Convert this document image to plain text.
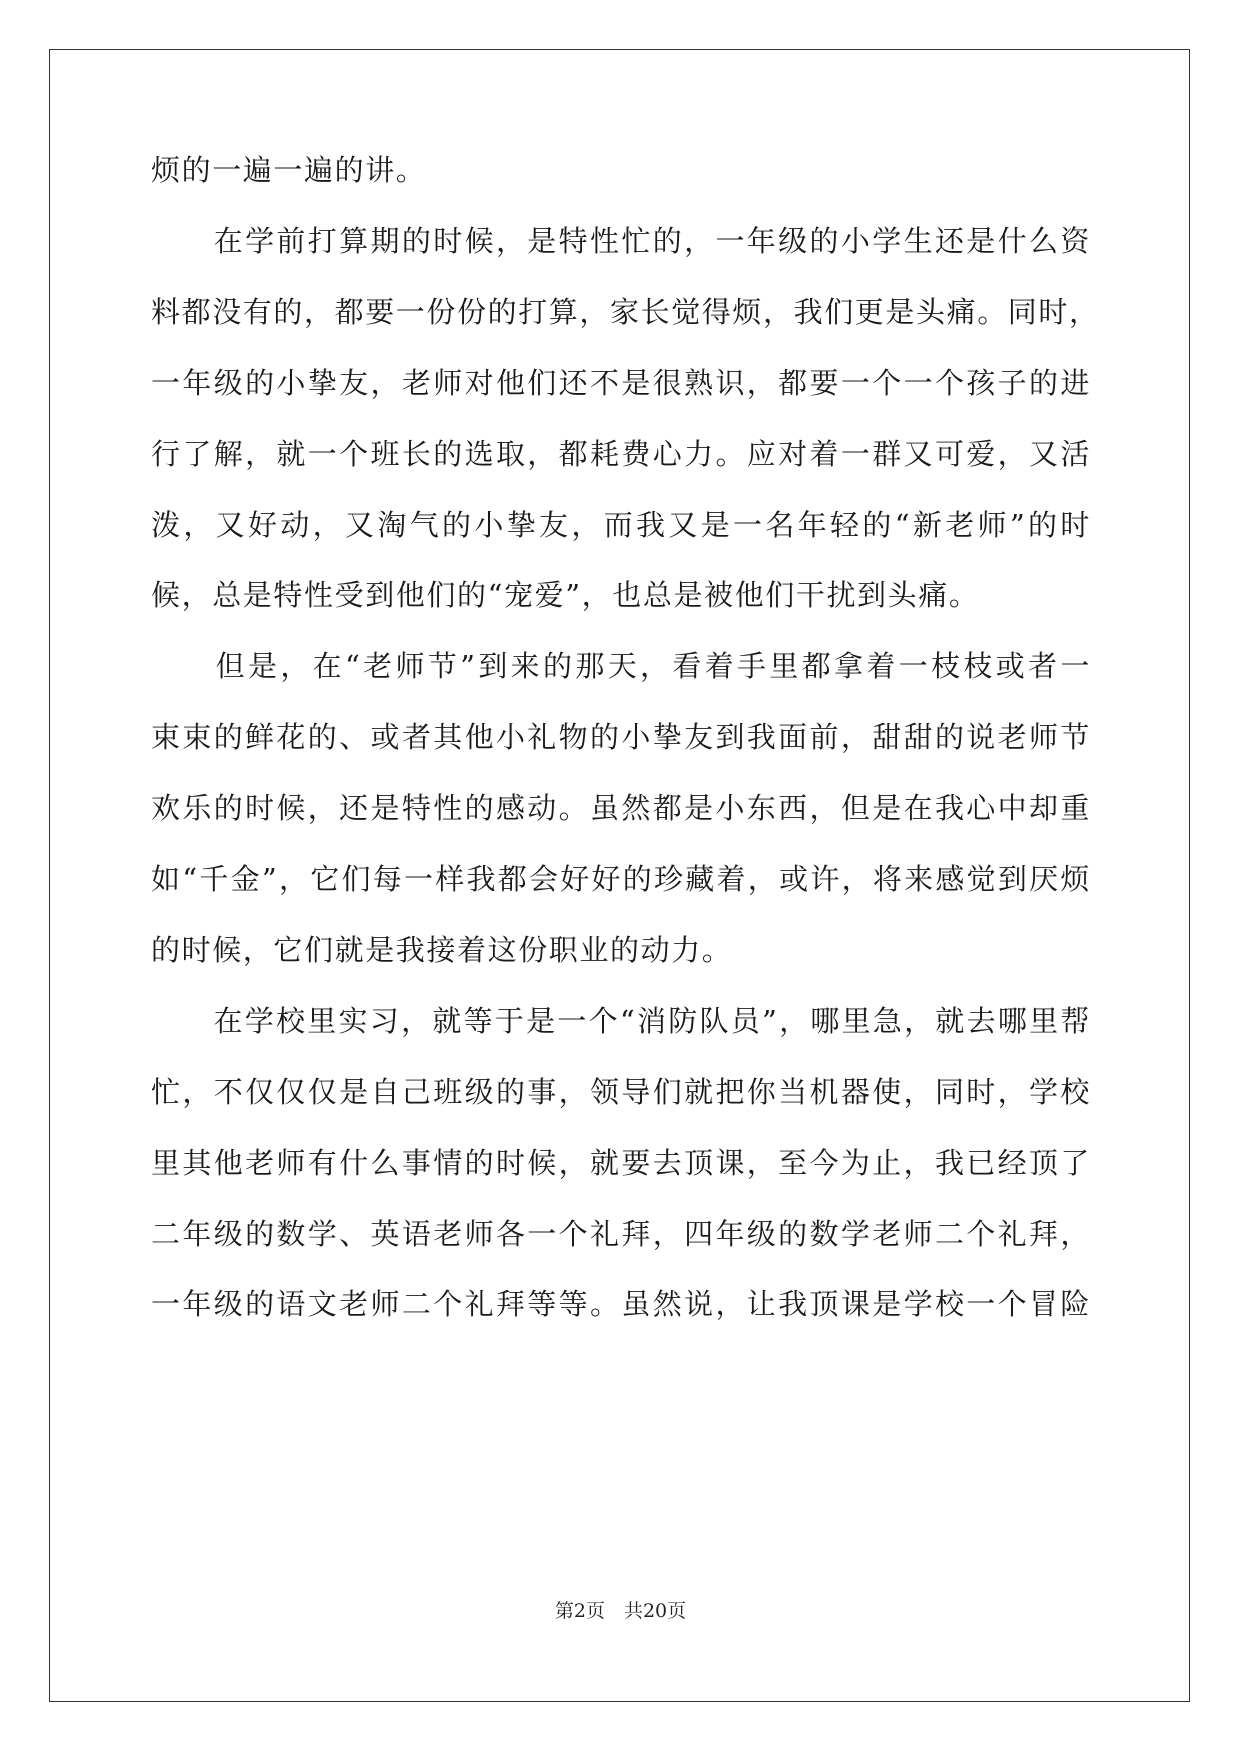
烦的一遍一遍的讲。
　　在学前打算期的时候，是特性忙的，一年级的小学生还是什么资
料都没有的，都要一份份的打算，家长觉得烦，我们更是头痛。同时，
一年级的小挚友，老师对他们还不是很熟识，都要一个一个孩子的进
行了解，就一个班长的选取，都耗费心力。应对着一群又可爱，又活
泼，又好动，又淘气的小挚友，而我又是一名年轻的“新老师”的时
候，总是特性受到他们的“宠爱”，也总是被他们干扰到头痛。
　　但是，在“老师节”到来的那天，看着手里都拿着一枝枝或者一
束束的鲜花的、或者其他小礼物的小挚友到我面前，甜甜的说老师节
欢乐的时候，还是特性的感动。虽然都是小东西，但是在我心中却重
如“千金”，它们每一样我都会好好的珍藏着，或许，将来感觉到厌烦
的时候，它们就是我接着这份职业的动力。
　　在学校里实习，就等于是一个“消防队员”，哪里急，就去哪里帮
忙，不仅仅仅是自己班级的事，领导们就把你当机器使，同时，学校
里其他老师有什么事情的时候，就要去顶课，至今为止，我已经顶了
二年级的数学、英语老师各一个礼拜，四年级的数学老师二个礼拜，
一年级的语文老师二个礼拜等等。虽然说，让我顶课是学校一个冒险
第2页　共20页
